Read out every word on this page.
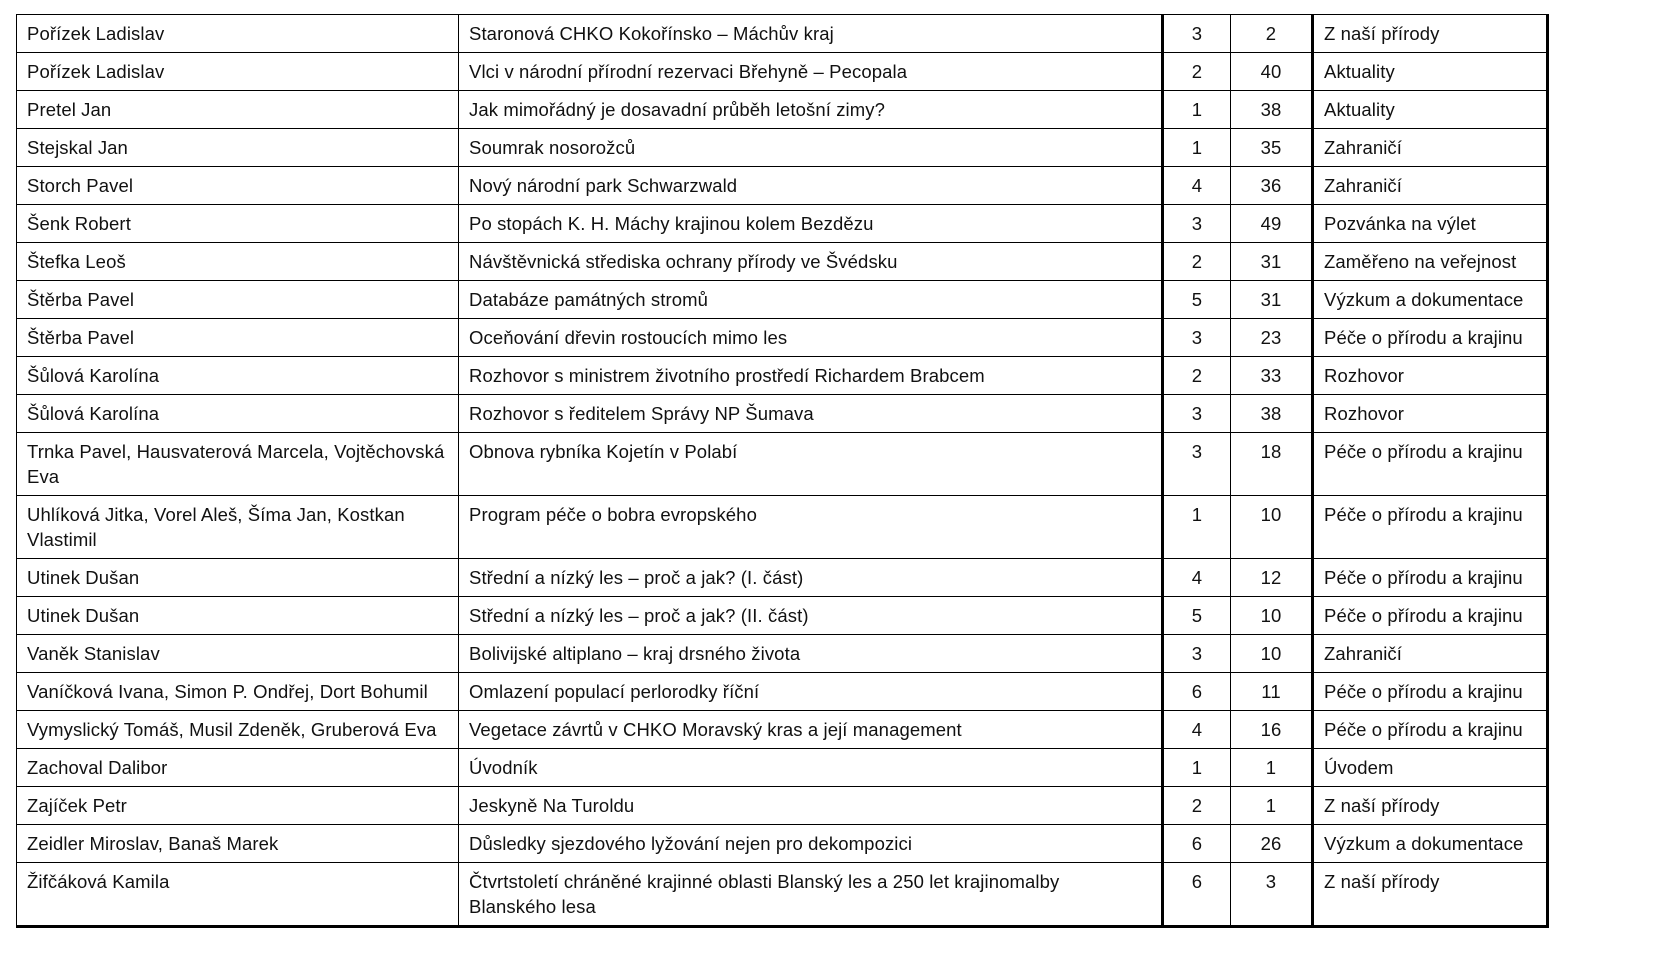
Pořízek Ladislav	Staronová CHKO Kokořínsko – Máchův kraj	3	2	Z naší přírody
Pořízek Ladislav	Vlci v národní přírodní rezervaci Břehyně – Pecopala	2	40	Aktuality
Pretel Jan	Jak mimořádný je dosavadní průběh letošní zimy?	1	38	Aktuality
Stejskal Jan	Soumrak nosorožců	1	35	Zahraničí
Storch Pavel	Nový národní park Schwarzwald	4	36	Zahraničí
Šenk Robert	Po stopách K. H. Máchy krajinou kolem Bezdězu	3	49	Pozvánka na výlet
Štefka Leoš	Návštěvnická střediska ochrany přírody ve Švédsku	2	31	Zaměřeno na veřejnost
Štěrba Pavel	Databáze památných stromů	5	31	Výzkum a dokumentace
Štěrba Pavel	Oceňování dřevin rostoucích mimo les	3	23	Péče o přírodu a krajinu
Šůlová Karolína	Rozhovor s ministrem životního prostředí Richardem Brabcem	2	33	Rozhovor
Šůlová Karolína	Rozhovor s ředitelem Správy NP Šumava	3	38	Rozhovor
Trnka Pavel, Hausvaterová Marcela, Vojtěchovská Eva	Obnova rybníka Kojetín v Polabí	3	18	Péče o přírodu a krajinu
Uhlíková Jitka, Vorel Aleš, Šíma Jan, Kostkan Vlastimil	Program péče o bobra evropského	1	10	Péče o přírodu a krajinu
Utinek Dušan	Střední a nízký les – proč a jak? (I. část)	4	12	Péče o přírodu a krajinu
Utinek Dušan	Střední a nízký les – proč a jak? (II. část)	5	10	Péče o přírodu a krajinu
Vaněk Stanislav	Bolivijské altiplano – kraj drsného života	3	10	Zahraničí
Vaníčková Ivana, Simon P. Ondřej, Dort Bohumil	Omlazení populací perlorodky říční	6	11	Péče o přírodu a krajinu
Vymyslický Tomáš, Musil Zdeněk, Gruberová Eva	Vegetace závrtů v CHKO Moravský kras a její management	4	16	Péče o přírodu a krajinu
Zachoval Dalibor	Úvodník	1	1	Úvodem
Zajíček Petr	Jeskyně Na Turoldu	2	1	Z naší přírody
Zeidler Miroslav, Banaš Marek	Důsledky sjezdového lyžování nejen pro dekompozici	6	26	Výzkum a dokumentace
Žifčáková Kamila	Čtvrtstoletí chráněné krajinné oblasti Blanský les a 250 let krajinomalby Blanského lesa	6	3	Z naší přírody
